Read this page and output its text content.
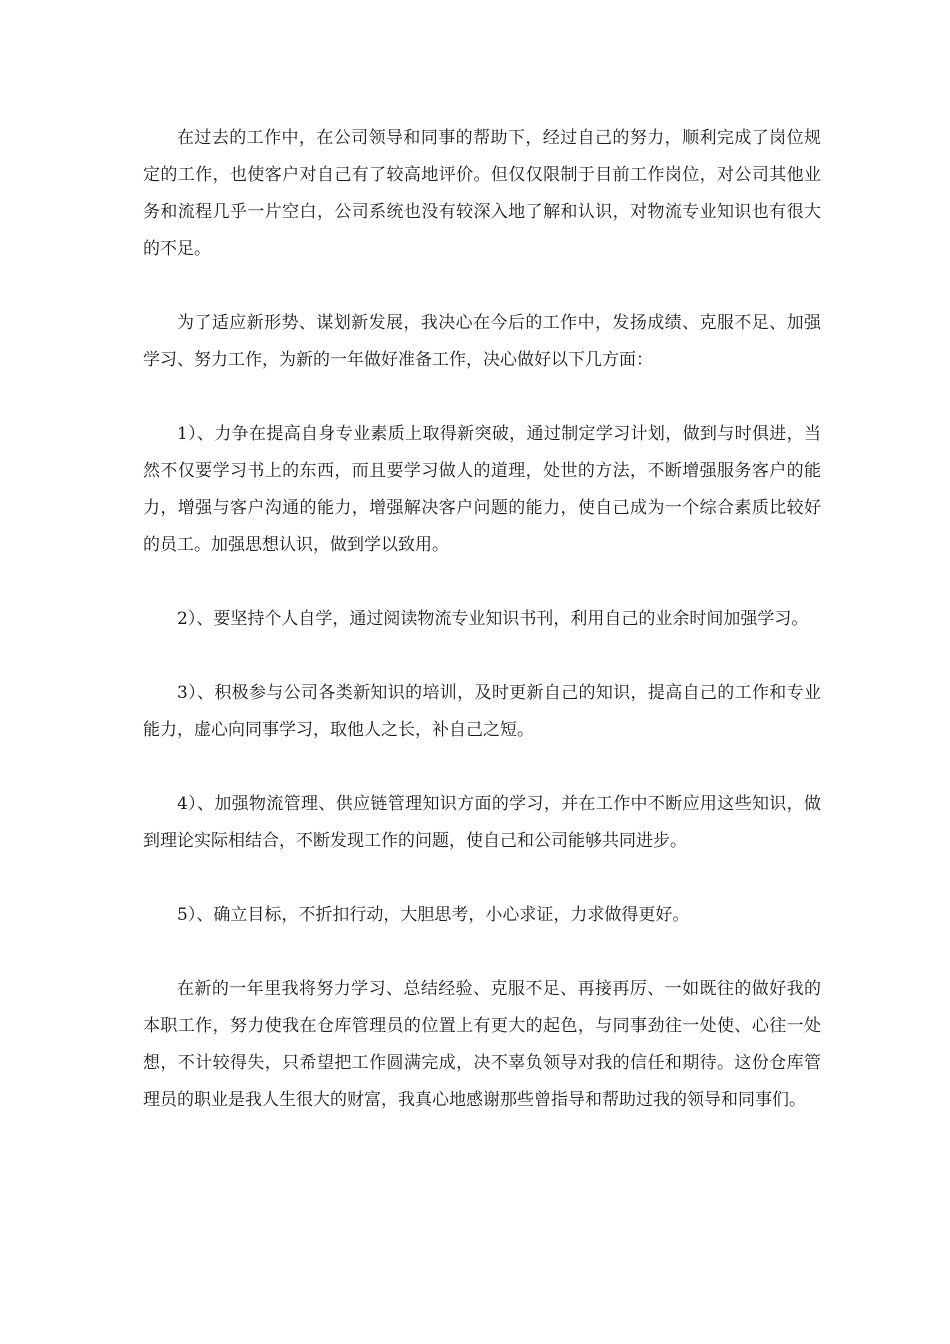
在过去的工作中，在公司领导和同事的帮助下，经过自己的努力，顺利完成了岗位规定的工作，也使客户对自己有了较高地评价。但仅仅限制于目前工作岗位，对公司其他业务和流程几乎一片空白，公司系统也没有较深入地了解和认识，对物流专业知识也有很大的不足。

为了适应新形势、谋划新发展，我决心在今后的工作中，发扬成绩、克服不足、加强学习、努力工作，为新的一年做好准备工作，决心做好以下几方面：

1）、力争在提高自身专业素质上取得新突破，通过制定学习计划，做到与时俱进，当然不仅要学习书上的东西，而且要学习做人的道理，处世的方法，不断增强服务客户的能力，增强与客户沟通的能力，增强解决客户问题的能力，使自己成为一个综合素质比较好的员工。加强思想认识，做到学以致用。

2）、要坚持个人自学，通过阅读物流专业知识书刊，利用自己的业余时间加强学习。

3）、积极参与公司各类新知识的培训，及时更新自己的知识，提高自己的工作和专业能力，虚心向同事学习，取他人之长，补自己之短。

4）、加强物流管理、供应链管理知识方面的学习，并在工作中不断应用这些知识，做到理论实际相结合，不断发现工作的问题，使自己和公司能够共同进步。

5）、确立目标，不折扣行动，大胆思考，小心求证，力求做得更好。

在新的一年里我将努力学习、总结经验、克服不足、再接再厉、一如既往的做好我的本职工作，努力使我在仓库管理员的位置上有更大的起色，与同事劲往一处使、心往一处想，不计较得失，只希望把工作圆满完成，决不辜负领导对我的信任和期待。这份仓库管理员的职业是我人生很大的财富，我真心地感谢那些曾指导和帮助过我的领导和同事们。
